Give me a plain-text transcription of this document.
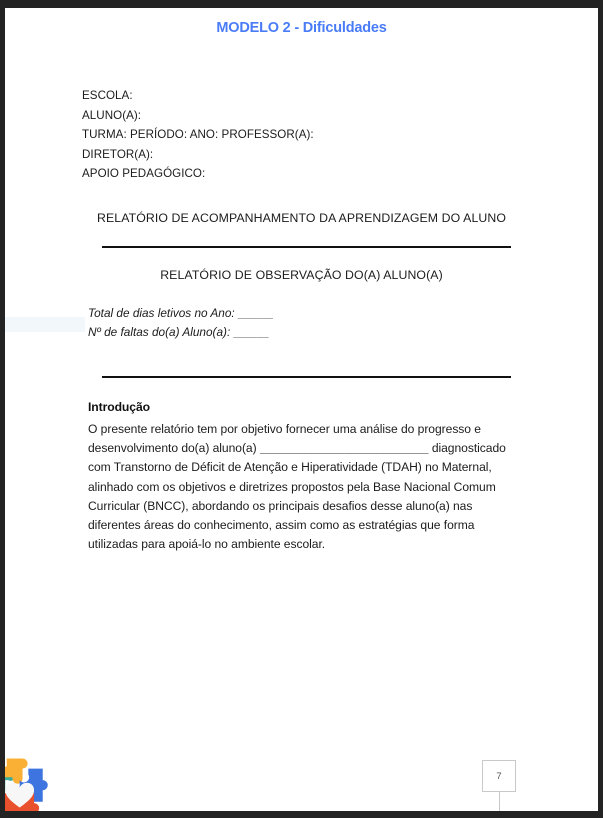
MODELO 2 - Dificuldades
ESCOLA:
ALUNO(A):
TURMA: PERÍODO: ANO: PROFESSOR(A):
DIRETOR(A):
APOIO PEDAGÓGICO:
RELATÓRIO DE ACOMPANHAMENTO DA APRENDIZAGEM DO ALUNO
RELATÓRIO DE OBSERVAÇÃO DO(A) ALUNO(A)
Total de dias letivos no Ano: ＿＿＿
Nº de faltas do(a) Aluno(a): ＿＿＿
Introdução
O presente relatório tem por objetivo fornecer uma análise do progresso e desenvolvimento do(a) aluno(a) ＿＿＿＿＿＿＿＿＿＿＿＿＿＿ diagnosticado com Transtorno de Déficit de Atenção e Hiperatividade (TDAH) no Maternal, alinhado com os objetivos e diretrizes propostos pela Base Nacional Comum Curricular (BNCC), abordando os principais desafios desse aluno(a) nas diferentes áreas do conhecimento, assim como as estratégias que forma utilizadas para apoiá-lo no ambiente escolar.
7
